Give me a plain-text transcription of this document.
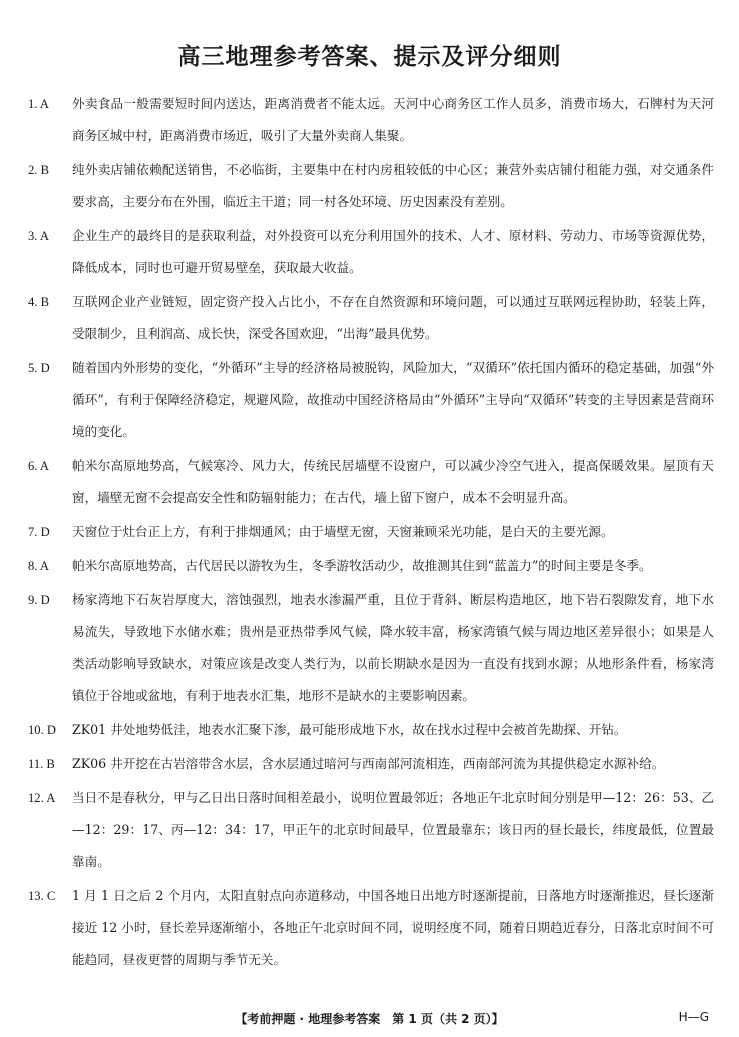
高三地理参考答案、提示及评分细则
1. A 外卖食品一般需要短时间内送达，距离消费者不能太远。天河中心商务区工作人员多，消费市场大，石牌村为天河商务区城中村，距离消费市场近，吸引了大量外卖商人集聚。
2. B 纯外卖店铺依赖配送销售，不必临街，主要集中在村内房租较低的中心区；兼营外卖店铺付租能力强，对交通条件要求高，主要分布在外围，临近主干道；同一村各处环境、历史因素没有差别。
3. A 企业生产的最终目的是获取利益，对外投资可以充分利用国外的技术、人才、原材料、劳动力、市场等资源优势，降低成本，同时也可避开贸易壁垒，获取最大收益。
4. B 互联网企业产业链短，固定资产投入占比小，不存在自然资源和环境问题，可以通过互联网远程协助，轻装上阵，受限制少，且利润高、成长快，深受各国欢迎，“出海”最具优势。
5. D 随着国内外形势的变化，“外循环”主导的经济格局被脱钩，风险加大，“双循环”依托国内循环的稳定基础，加强“外循环”，有利于保障经济稳定，规避风险，故推动中国经济格局由“外循环”主导向“双循环”转变的主导因素是营商环境的变化。
6. A 帕米尔高原地势高，气候寒冷、风力大，传统民居墙壁不设窗户，可以减少冷空气进入，提高保暖效果。屋顶有天窗，墙壁无窗不会提高安全性和防辐射能力；在古代，墙上留下窗户，成本不会明显升高。
7. D 天窗位于灶台正上方，有利于排烟通风；由于墙壁无窗，天窗兼顾采光功能，是白天的主要光源。
8. A 帕米尔高原地势高，古代居民以游牧为生，冬季游牧活动少，故推测其住到“蓝盖力”的时间主要是冬季。
9. D 杨家湾地下石灰岩厚度大，溶蚀强烈，地表水渗漏严重，且位于背斜、断层构造地区，地下岩石裂隙发育，地下水易流失，导致地下水储水难；贵州是亚热带季风气候，降水较丰富，杨家湾镇气候与周边地区差异很小；如果是人类活动影响导致缺水，对策应该是改变人类行为，以前长期缺水是因为一直没有找到水源；从地形条件看，杨家湾镇位于谷地或盆地，有利于地表水汇集，地形不是缺水的主要影响因素。
10. D ZK01 井处地势低洼，地表水汇聚下渗，最可能形成地下水，故在找水过程中会被首先勘探、开钻。
11. B ZK06 井开挖在古岩溶带含水层，含水层通过暗河与西南部河流相连，西南部河流为其提供稳定水源补给。
12. A 当日不是春秋分，甲与乙日出日落时间相差最小，说明位置最邻近；各地正午北京时间分别是甲—12：26：53、乙—12：29：17、丙—12：34：17，甲正午的北京时间最早，位置最靠东；该日丙的昼长最长，纬度最低，位置最靠南。
13. C 1 月 1 日之后 2 个月内，太阳直射点向赤道移动，中国各地日出地方时逐渐提前，日落地方时逐渐推迟，昼长逐渐接近 12 小时，昼长差异逐渐缩小，各地正午北京时间不同，说明经度不同，随着日期趋近春分，日落北京时间不可能趋同，昼夜更替的周期与季节无关。
【考前押题 · 地理参考答案　第 1 页（共 2 页）】	H—G
